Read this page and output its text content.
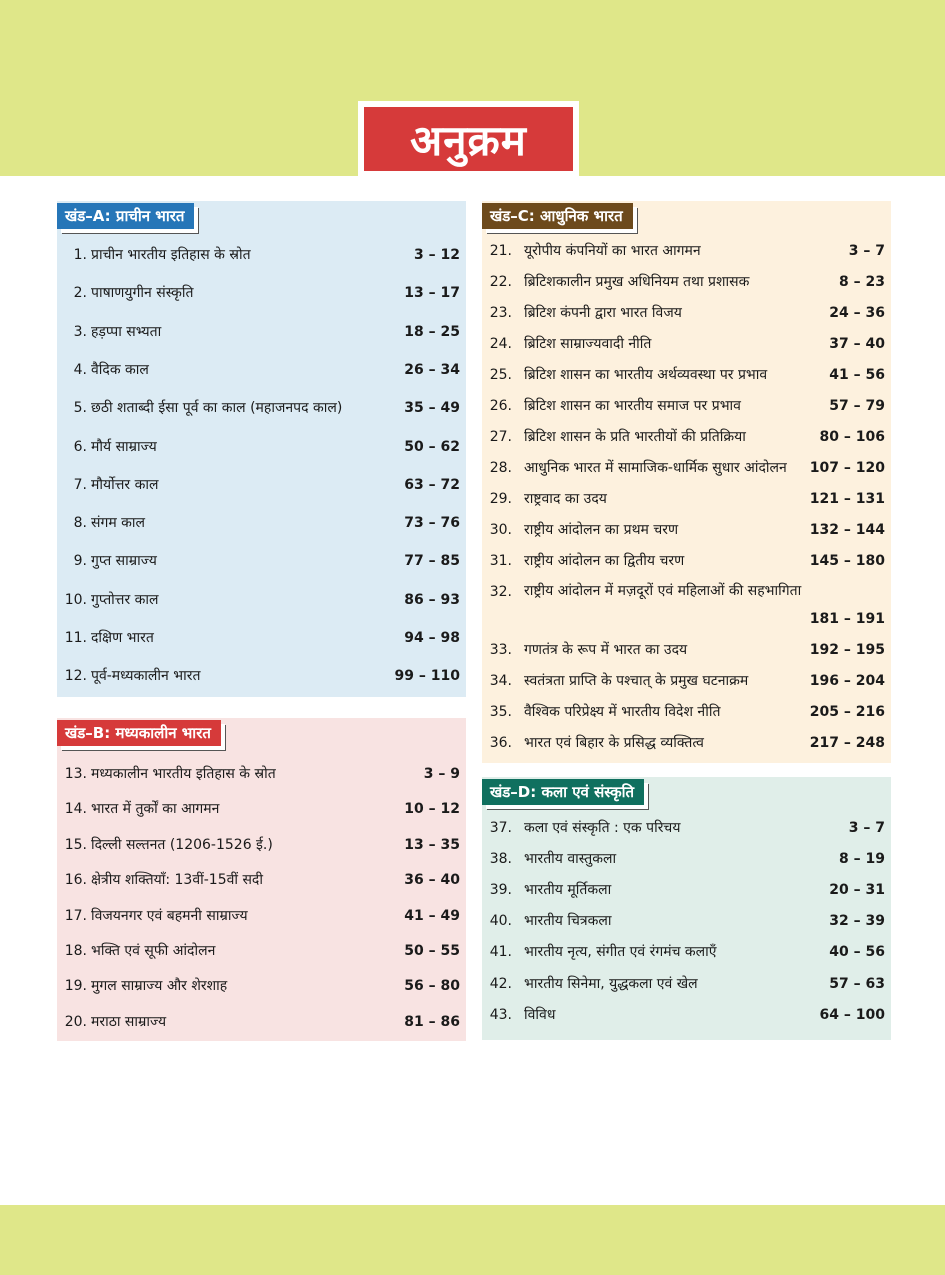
अनुक्रम
खंड–A: प्राचीन भारत
1. प्राचीन भारतीय इतिहास के स्रोत	3 – 12
2. पाषाणयुगीन संस्कृति	13 – 17
3. हड़प्पा सभ्यता	18 – 25
4. वैदिक काल	26 – 34
5. छठी शताब्दी ईसा पूर्व का काल (महाजनपद काल)	35 – 49
6. मौर्य साम्राज्य	50 – 62
7. मौर्योत्तर काल	63 – 72
8. संगम काल	73 – 76
9. गुप्त साम्राज्य	77 – 85
10. गुप्तोत्तर काल	86 – 93
11. दक्षिण भारत	94 – 98
12. पूर्व-मध्यकालीन भारत	99 – 110
खंड–B: मध्यकालीन भारत
13. मध्यकालीन भारतीय इतिहास के स्रोत	3 – 9
14. भारत में तुर्कों का आगमन	10 – 12
15. दिल्ली सल्तनत (1206-1526 ई.)	13 – 35
16. क्षेत्रीय शक्तियाँ: 13वीं-15वीं सदी	36 – 40
17. विजयनगर एवं बहमनी साम्राज्य	41 – 49
18. भक्ति एवं सूफी आंदोलन	50 – 55
19. मुगल साम्राज्य और शेरशाह	56 – 80
20. मराठा साम्राज्य	81 – 86
खंड–C: आधुनिक भारत
21. यूरोपीय कंपनियों का भारत आगमन	3 – 7
22. ब्रिटिशकालीन प्रमुख अधिनियम तथा प्रशासक	8 – 23
23. ब्रिटिश कंपनी द्वारा भारत विजय	24 – 36
24. ब्रिटिश साम्राज्यवादी नीति	37 – 40
25. ब्रिटिश शासन का भारतीय अर्थव्यवस्था पर प्रभाव	41 – 56
26. ब्रिटिश शासन का भारतीय समाज पर प्रभाव	57 – 79
27. ब्रिटिश शासन के प्रति भारतीयों की प्रतिक्रिया	80 – 106
28. आधुनिक भारत में सामाजिक-धार्मिक सुधार आंदोलन	107 – 120
29. राष्ट्रवाद का उदय	121 – 131
30. राष्ट्रीय आंदोलन का प्रथम चरण	132 – 144
31. राष्ट्रीय आंदोलन का द्वितीय चरण	145 – 180
32. राष्ट्रीय आंदोलन में मज़दूरों एवं महिलाओं की सहभागिता
181 – 191
33. गणतंत्र के रूप में भारत का उदय	192 – 195
34. स्वतंत्रता प्राप्ति के पश्चात् के प्रमुख घटनाक्रम	196 – 204
35. वैश्विक परिप्रेक्ष्य में भारतीय विदेश नीति	205 – 216
36. भारत एवं बिहार के प्रसिद्ध व्यक्तित्व	217 – 248
खंड–D: कला एवं संस्कृति
37. कला एवं संस्कृति : एक परिचय	3 – 7
38. भारतीय वास्तुकला	8 – 19
39. भारतीय मूर्तिकला	20 – 31
40. भारतीय चित्रकला	32 – 39
41. भारतीय नृत्य, संगीत एवं रंगमंच कलाएँ	40 – 56
42. भारतीय सिनेमा, युद्धकला एवं खेल	57 – 63
43. विविध	64 – 100
